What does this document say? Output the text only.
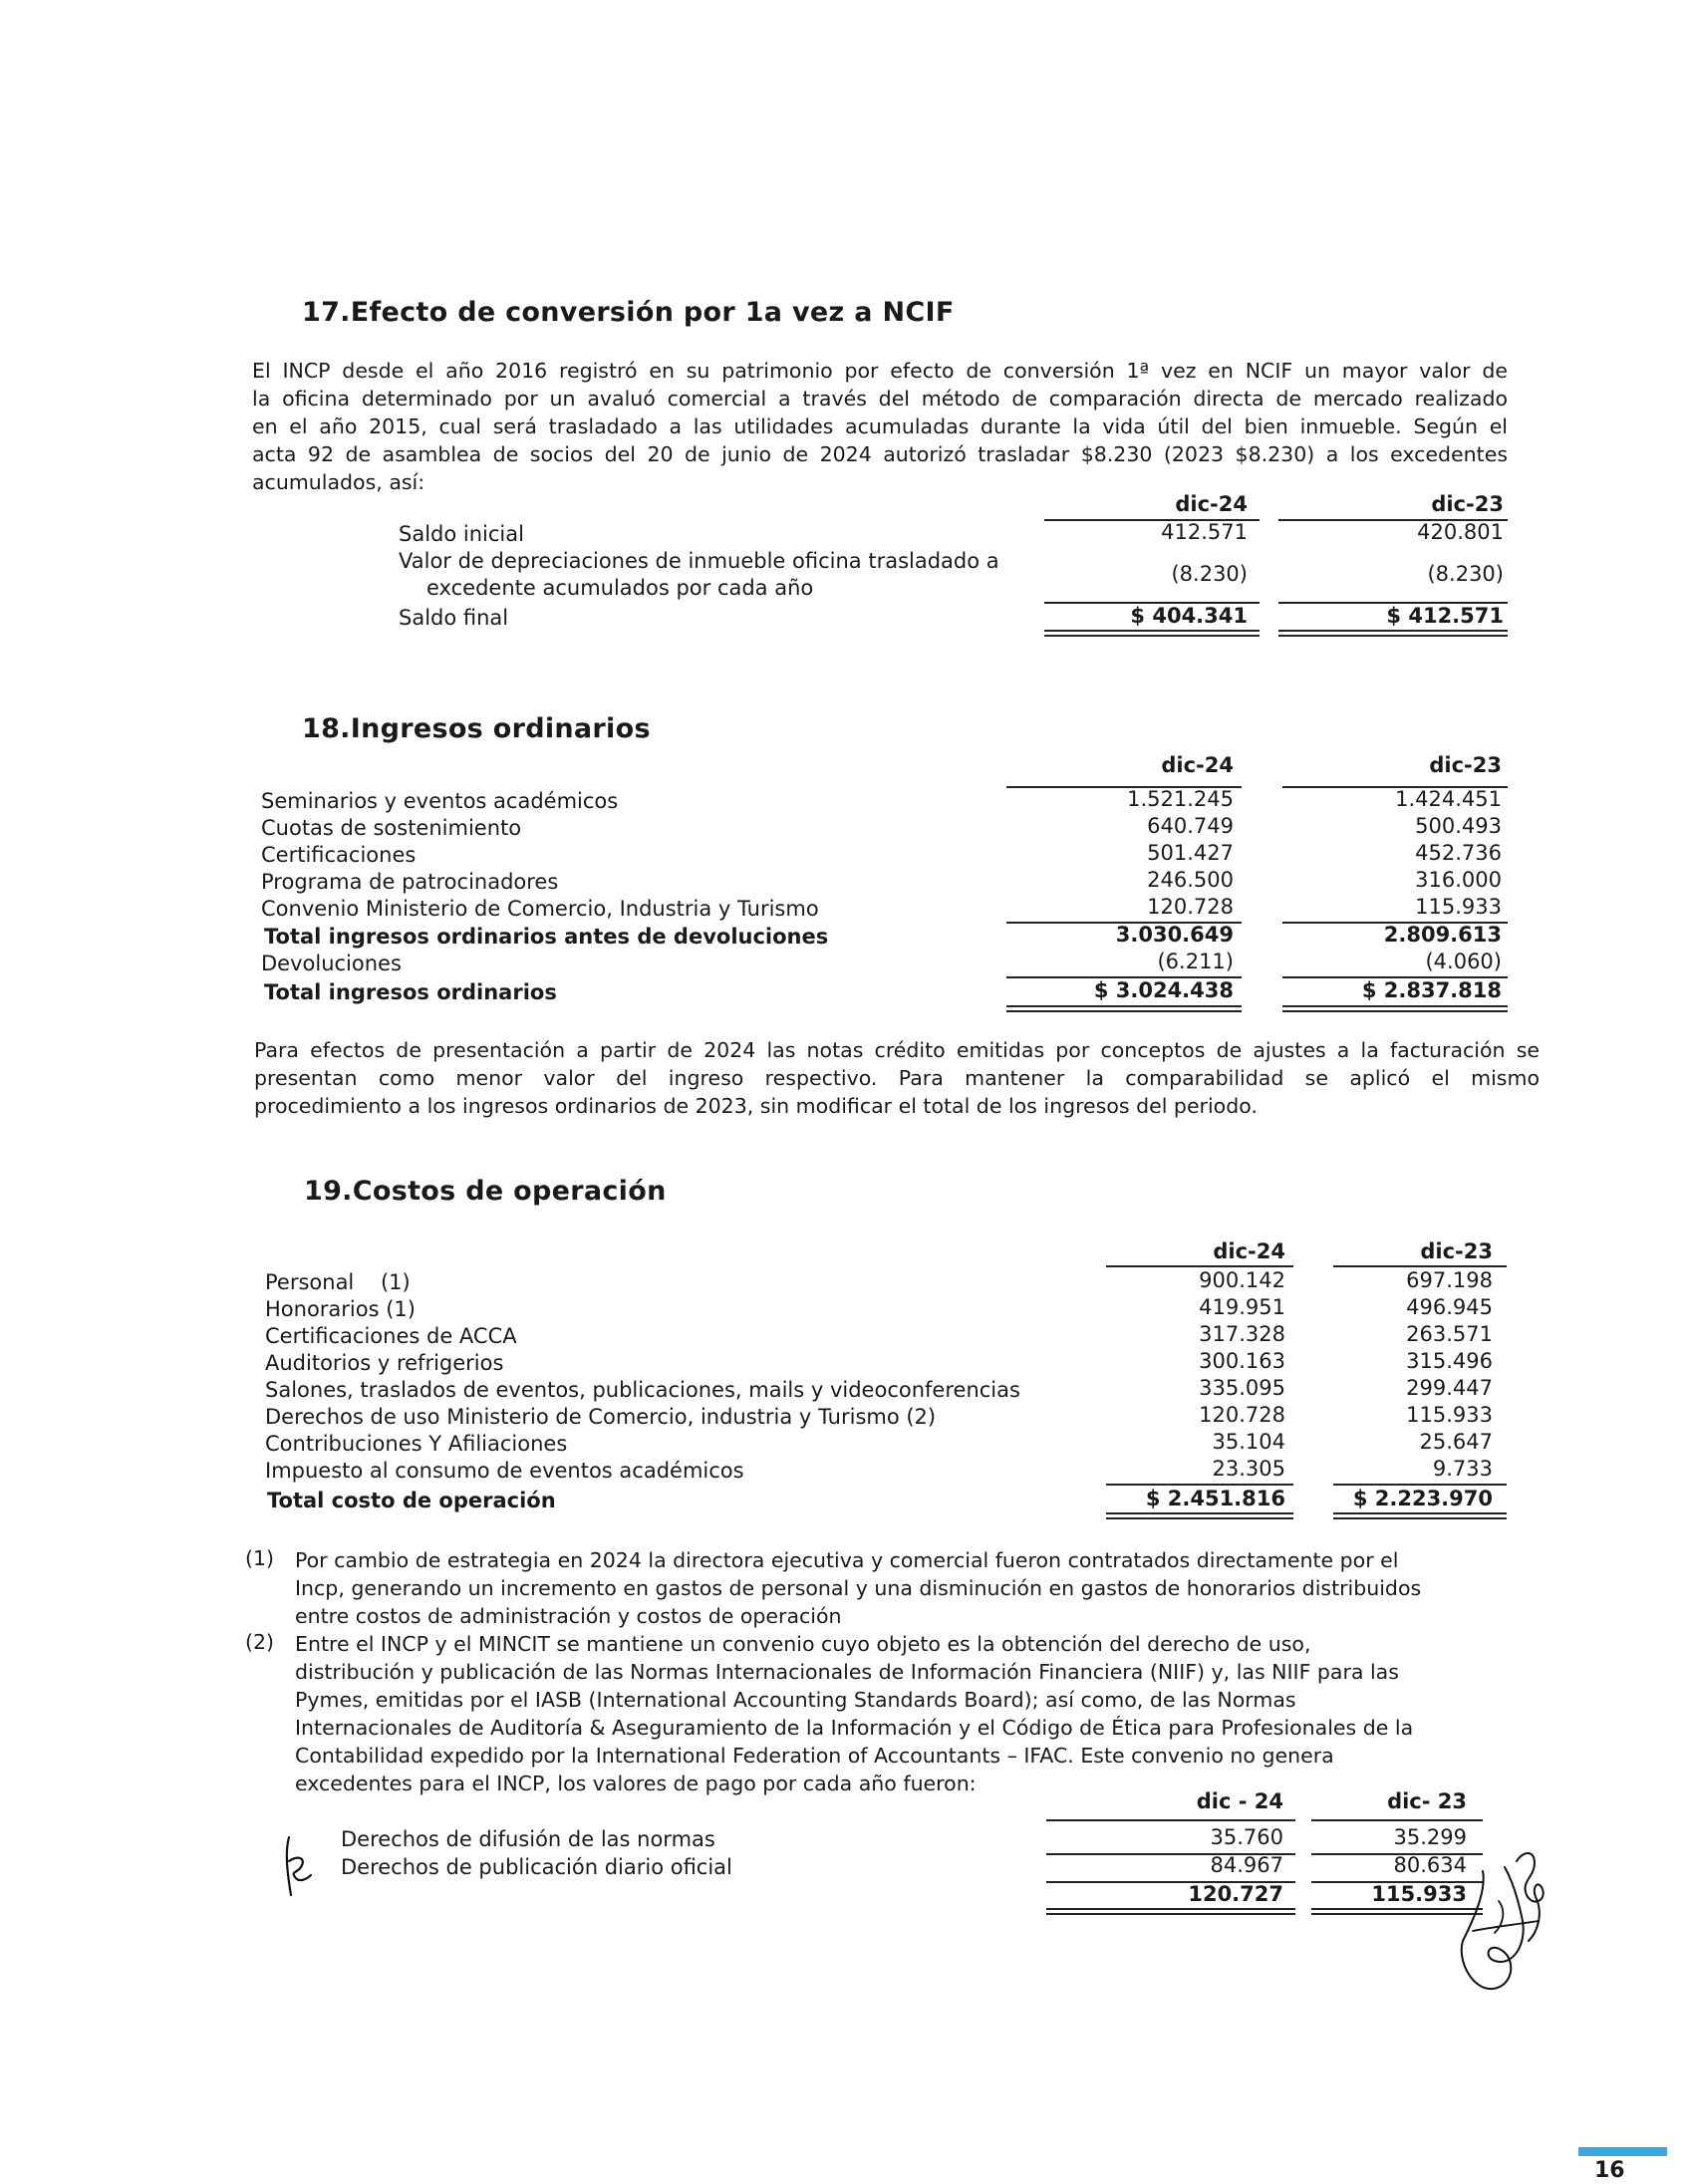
17.Efecto de conversión por 1a vez a NCIF
El INCP desde el año 2016 registró en su patrimonio por efecto de conversión 1ª vez en NCIF un mayor valor de
la oficina determinado por un avaluó comercial a través del método de comparación directa de mercado realizado
en el año 2015, cual será trasladado a las utilidades acumuladas durante la vida útil del bien inmueble. Según el
acta 92 de asamblea de socios del 20 de junio de 2024 autorizó trasladar $8.230 (2023 $8.230) a los excedentes
acumulados, así:
dic-24	dic-23
Saldo inicial	412.571	420.801
Valor de depreciaciones de inmueble oficina trasladado a
excedente acumulados por cada año
(8.230)	(8.230)
Saldo final	$ 404.341	$ 412.571
18.Ingresos ordinarios
dic-24	dic-23
Seminarios y eventos académicos	1.521.245	1.424.451
Cuotas de sostenimiento	640.749	500.493
Certificaciones	501.427	452.736
Programa de patrocinadores	246.500	316.000
Convenio Ministerio de Comercio, Industria y Turismo	120.728	115.933
Total ingresos ordinarios antes de devoluciones	3.030.649	2.809.613
Devoluciones	(6.211)	(4.060)
Total ingresos ordinarios	$ 3.024.438	$ 2.837.818
Para efectos de presentación a partir de 2024 las notas crédito emitidas por conceptos de ajustes a la facturación se
presentan como menor valor del ingreso respectivo. Para mantener la comparabilidad se aplicó el mismo
procedimiento a los ingresos ordinarios de 2023, sin modificar el total de los ingresos del periodo.
19.Costos de operación
dic-24	dic-23
Personal    (1)	900.142	697.198
Honorarios (1)	419.951	496.945
Certificaciones de ACCA	317.328	263.571
Auditorios y refrigerios	300.163	315.496
Salones, traslados de eventos, publicaciones, mails y videoconferencias	335.095	299.447
Derechos de uso Ministerio de Comercio, industria y Turismo (2)	120.728	115.933
Contribuciones Y Afiliaciones	35.104	25.647
Impuesto al consumo de eventos académicos	23.305	9.733
Total costo de operación	$ 2.451.816	$ 2.223.970
(1) Por cambio de estrategia en 2024 la directora ejecutiva y comercial fueron contratados directamente por el
Incp, generando un incremento en gastos de personal y una disminución en gastos de honorarios distribuidos
entre costos de administración y costos de operación
(2) Entre el INCP y el MINCIT se mantiene un convenio cuyo objeto es la obtención del derecho de uso,
distribución y publicación de las Normas Internacionales de Información Financiera (NIIF) y, las NIIF para las
Pymes, emitidas por el IASB (International Accounting Standards Board); así como, de las Normas
Internacionales de Auditoría & Aseguramiento de la Información y el Código de Ética para Profesionales de la
Contabilidad expedido por la International Federation of Accountants – IFAC. Este convenio no genera
excedentes para el INCP, los valores de pago por cada año fueron:
dic - 24	dic- 23
Derechos de difusión de las normas	35.760	35.299
Derechos de publicación diario oficial	84.967	80.634
120.727	115.933
16
